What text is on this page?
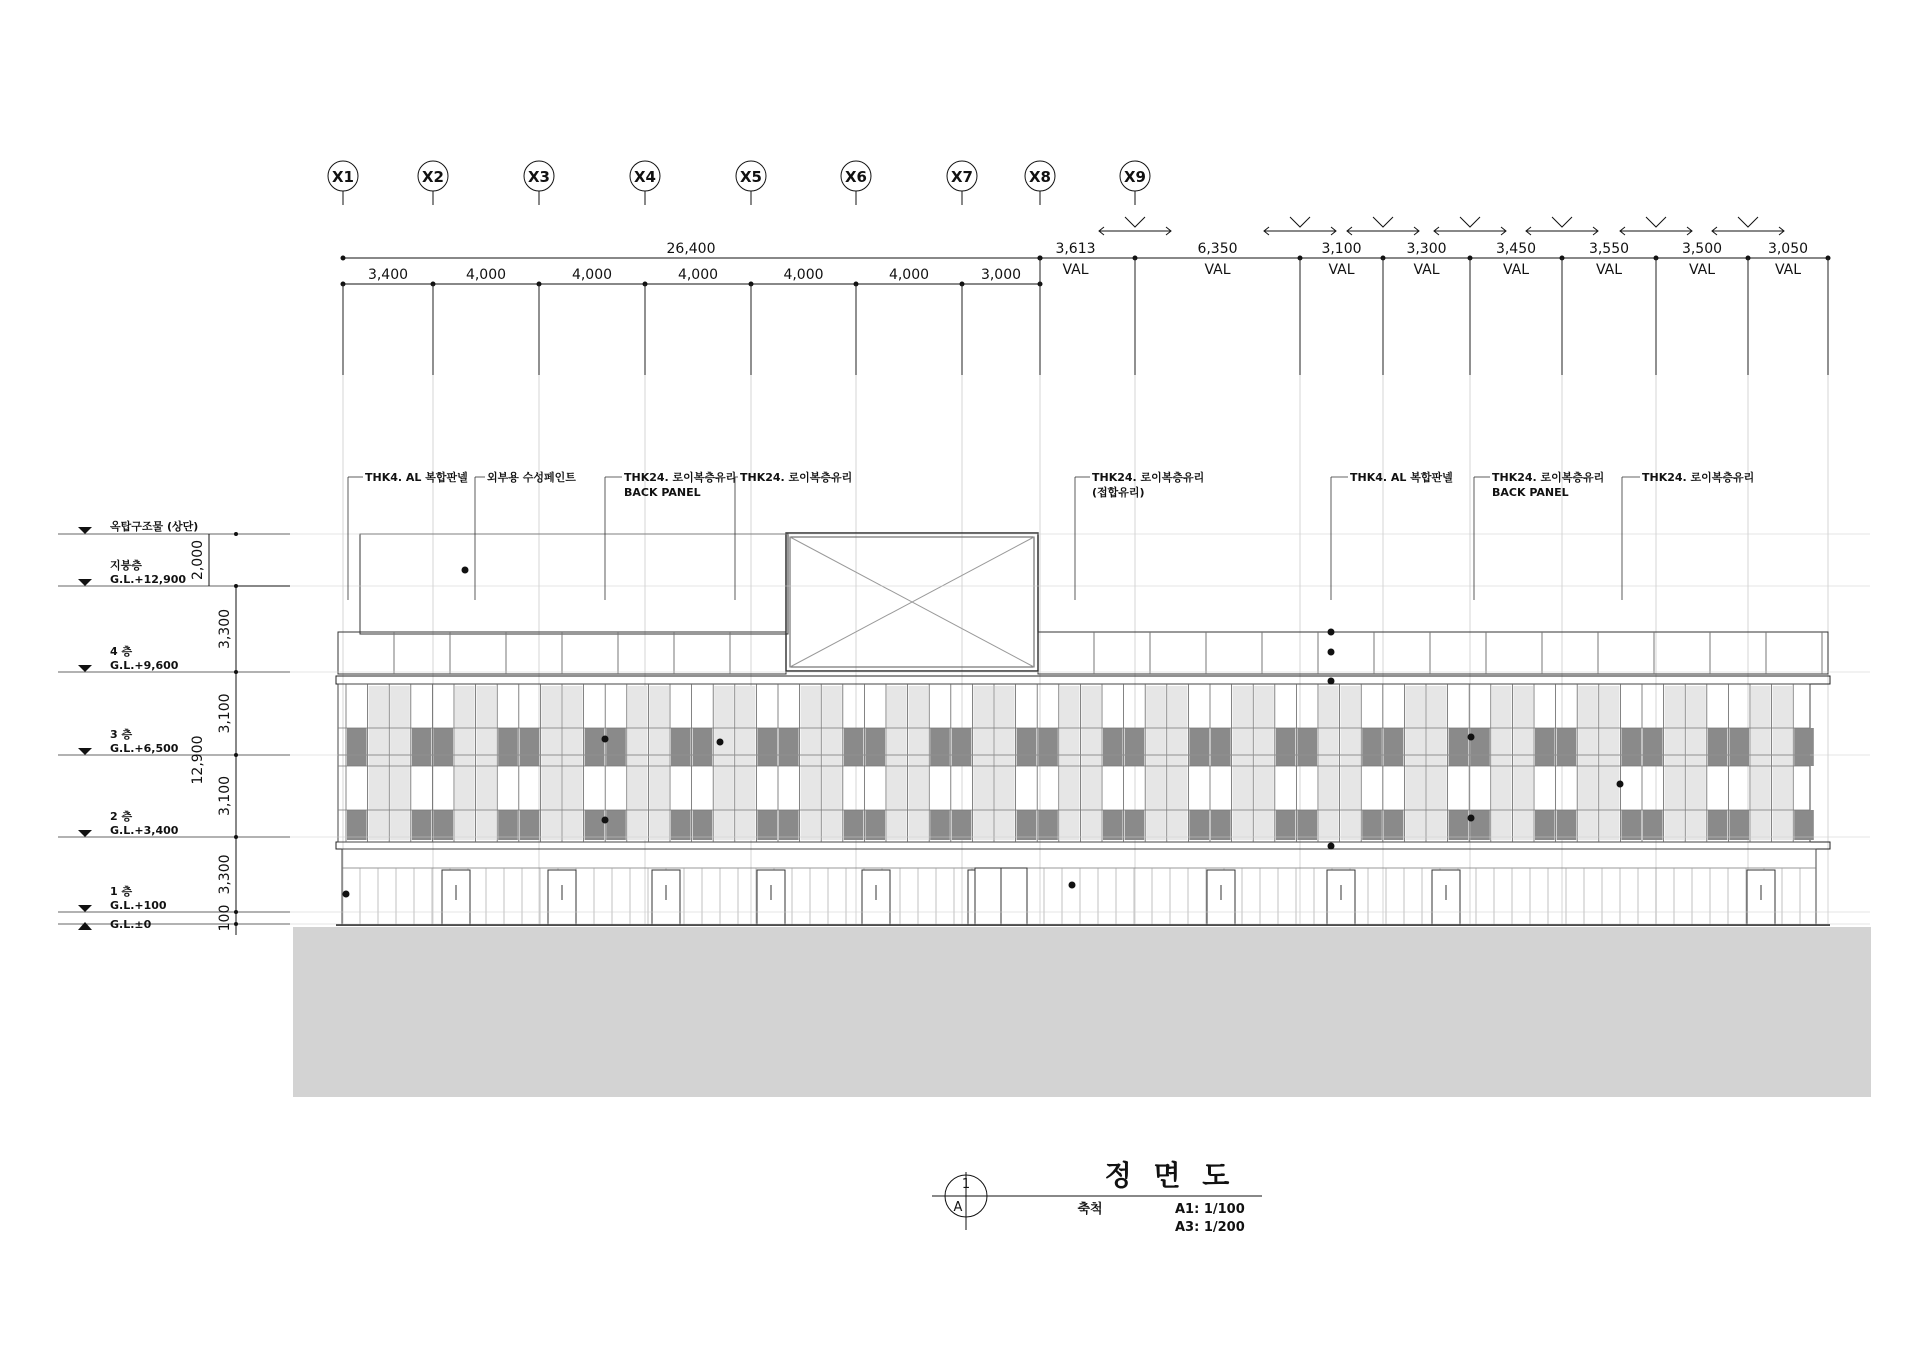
X1	X2	X3	X4	X5	X6	X7	X8	X9
26,400
3,400	4,000	4,000	4,000	4,000	4,000	3,000
3,613
VAL
6,350
VAL
3,100
VAL
3,300
VAL
3,450
VAL
3,550
VAL
3,500
VAL
3,050
VAL
옥탑구조물 (상단)
지붕층
G.L.+12,900
4 층
G.L.+9,600
3 층
G.L.+6,500
2 층
G.L.+3,400
1 층
G.L.+100
G.L.±0
2,000
3,300
3,100
3,100
3,300
100
12,900
THK4. AL 복합판넬 외부용 수성페인트	THK24. 로이복층유리
BACK PANEL
THK24. 로이복층유리	THK24. 로이복층유리
(접합유리)
THK4. AL 복합판넬	THK24. 로이복층유리
BACK PANEL
THK24. 로이복층유리
1
A
정 면 도
축척	A1: 1/100
A3: 1/200
